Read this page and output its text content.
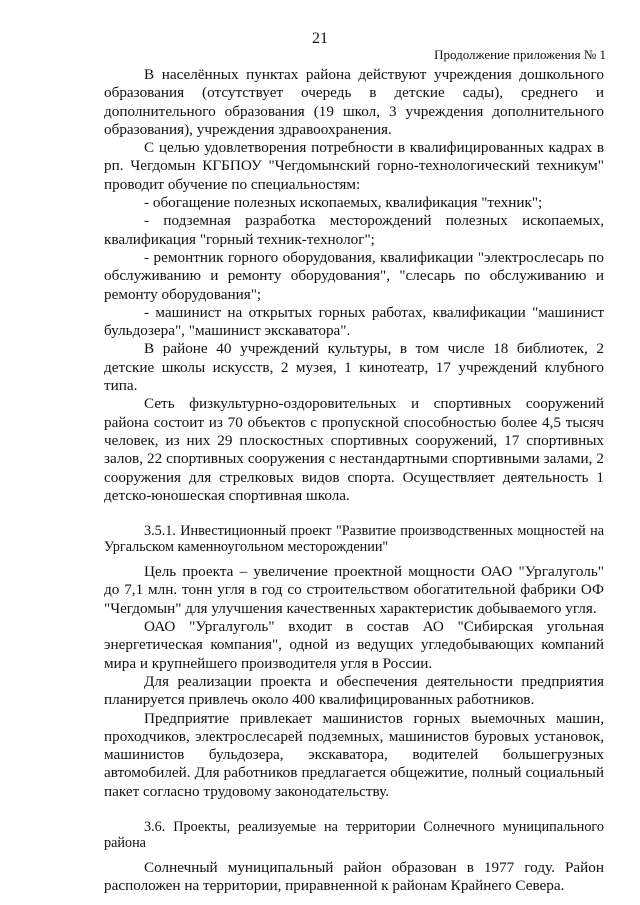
21
Продолжение приложения № 1

В населённых пунктах района действуют учреждения дошкольного образования (отсутствует очередь в детские сады), среднего и дополнительного образования (19 школ, 3 учреждения дополнительного образования), учреждения здравоохранения.

С целью удовлетворения потребности в квалифицированных кадрах в рп. Чегдомын КГБПОУ "Чегдомынский горно-технологический техникум" проводит обучение по специальностям:

- обогащение полезных ископаемых, квалификация "техник";

- подземная разработка месторождений полезных ископаемых, квалификация "горный техник-технолог";

- ремонтник горного оборудования, квалификации "электрослесарь по обслуживанию и ремонту оборудования", "слесарь по обслуживанию и ремонту оборудования";

- машинист на открытых горных работах, квалификации "машинист бульдозера", "машинист экскаватора".

В районе 40 учреждений культуры, в том числе 18 библиотек, 2 детские школы искусств, 2 музея, 1 кинотеатр, 17 учреждений клубного типа.

Сеть физкультурно-оздоровительных и спортивных сооружений района состоит из 70 объектов с пропускной способностью более 4,5 тысяч человек, из них 29 плоскостных спортивных сооружений, 17 спортивных залов, 22 спортивных сооружения с нестандартными спортивными залами, 2 сооружения для стрелковых видов спорта. Осуществляет деятельность 1 детско-юношеская спортивная школа.

3.5.1. Инвестиционный проект "Развитие производственных мощностей на Ургальском каменноугольном месторождении"

Цель проекта – увеличение проектной мощности ОАО "Ургалуголь" до 7,1 млн. тонн угля в год со строительством обогатительной фабрики ОФ "Чегдомын" для улучшения качественных характеристик добываемого угля.

ОАО "Ургалуголь" входит в состав АО "Сибирская угольная энергетическая компания", одной из ведущих угледобывающих компаний мира и крупнейшего производителя угля в России.

Для реализации проекта и обеспечения деятельности предприятия планируется привлечь около 400 квалифицированных работников.

Предприятие привлекает машинистов горных выемочных машин, проходчиков, электрослесарей подземных, машинистов буровых установок, машинистов бульдозера, экскаватора, водителей большегрузных автомобилей. Для работников предлагается общежитие, полный социальный пакет согласно трудовому законодательству.

3.6. Проекты, реализуемые на территории Солнечного муниципального района

Солнечный муниципальный район образован в 1977 году. Район расположен на территории, приравненной к районам Крайнего Севера.
